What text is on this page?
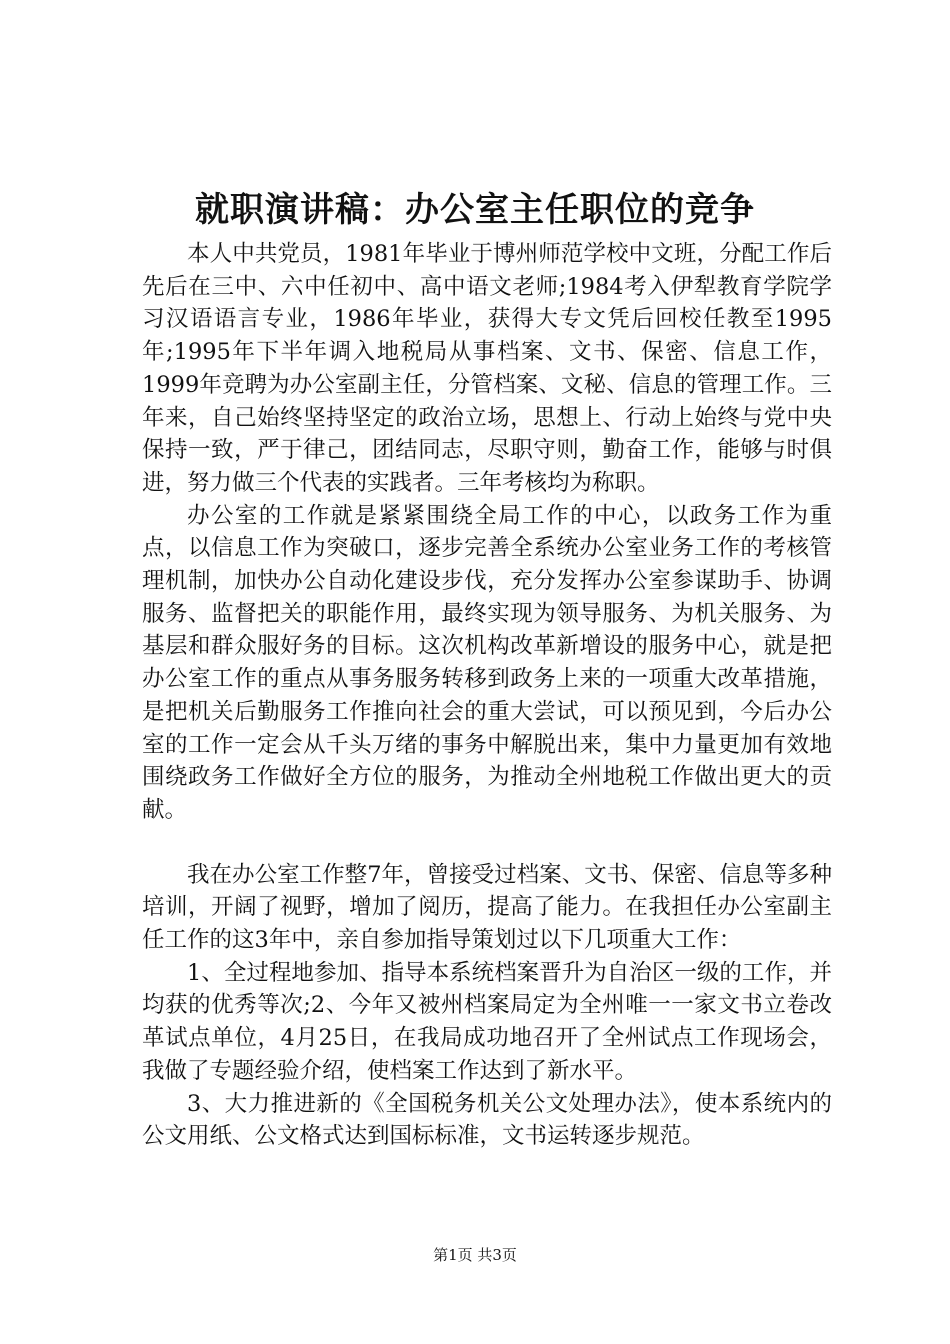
就职演讲稿：办公室主任职位的竞争

本人中共党员，1981年毕业于博州师范学校中文班，分配工作后先后在三中、六中任初中、高中语文老师;1984考入伊犁教育学院学习汉语语言专业，1986年毕业，获得大专文凭后回校任教至1995年;1995年下半年调入地税局从事档案、文书、保密、信息工作，1999年竞聘为办公室副主任，分管档案、文秘、信息的管理工作。三年来，自己始终坚持坚定的政治立场，思想上、行动上始终与党中央保持一致，严于律己，团结同志，尽职守则，勤奋工作，能够与时俱进，努力做三个代表的实践者。三年考核均为称职。

办公室的工作就是紧紧围绕全局工作的中心，以政务工作为重点，以信息工作为突破口，逐步完善全系统办公室业务工作的考核管理机制，加快办公自动化建设步伐，充分发挥办公室参谋助手、协调服务、监督把关的职能作用，最终实现为领导服务、为机关服务、为基层和群众服好务的目标。这次机构改革新增设的服务中心，就是把办公室工作的重点从事务服务转移到政务上来的一项重大改革措施，是把机关后勤服务工作推向社会的重大尝试，可以预见到，今后办公室的工作一定会从千头万绪的事务中解脱出来，集中力量更加有效地围绕政务工作做好全方位的服务，为推动全州地税工作做出更大的贡献。

我在办公室工作整7年，曾接受过档案、文书、保密、信息等多种培训，开阔了视野，增加了阅历，提高了能力。在我担任办公室副主任工作的这3年中，亲自参加指导策划过以下几项重大工作：

1、全过程地参加、指导本系统档案晋升为自治区一级的工作，并均获的优秀等次;2、今年又被州档案局定为全州唯一一家文书立卷改革试点单位，4月25日，在我局成功地召开了全州试点工作现场会，我做了专题经验介绍，使档案工作达到了新水平。

3、大力推进新的《全国税务机关公文处理办法》，使本系统内的公文用纸、公文格式达到国标标准，文书运转逐步规范。

第1页 共3页
